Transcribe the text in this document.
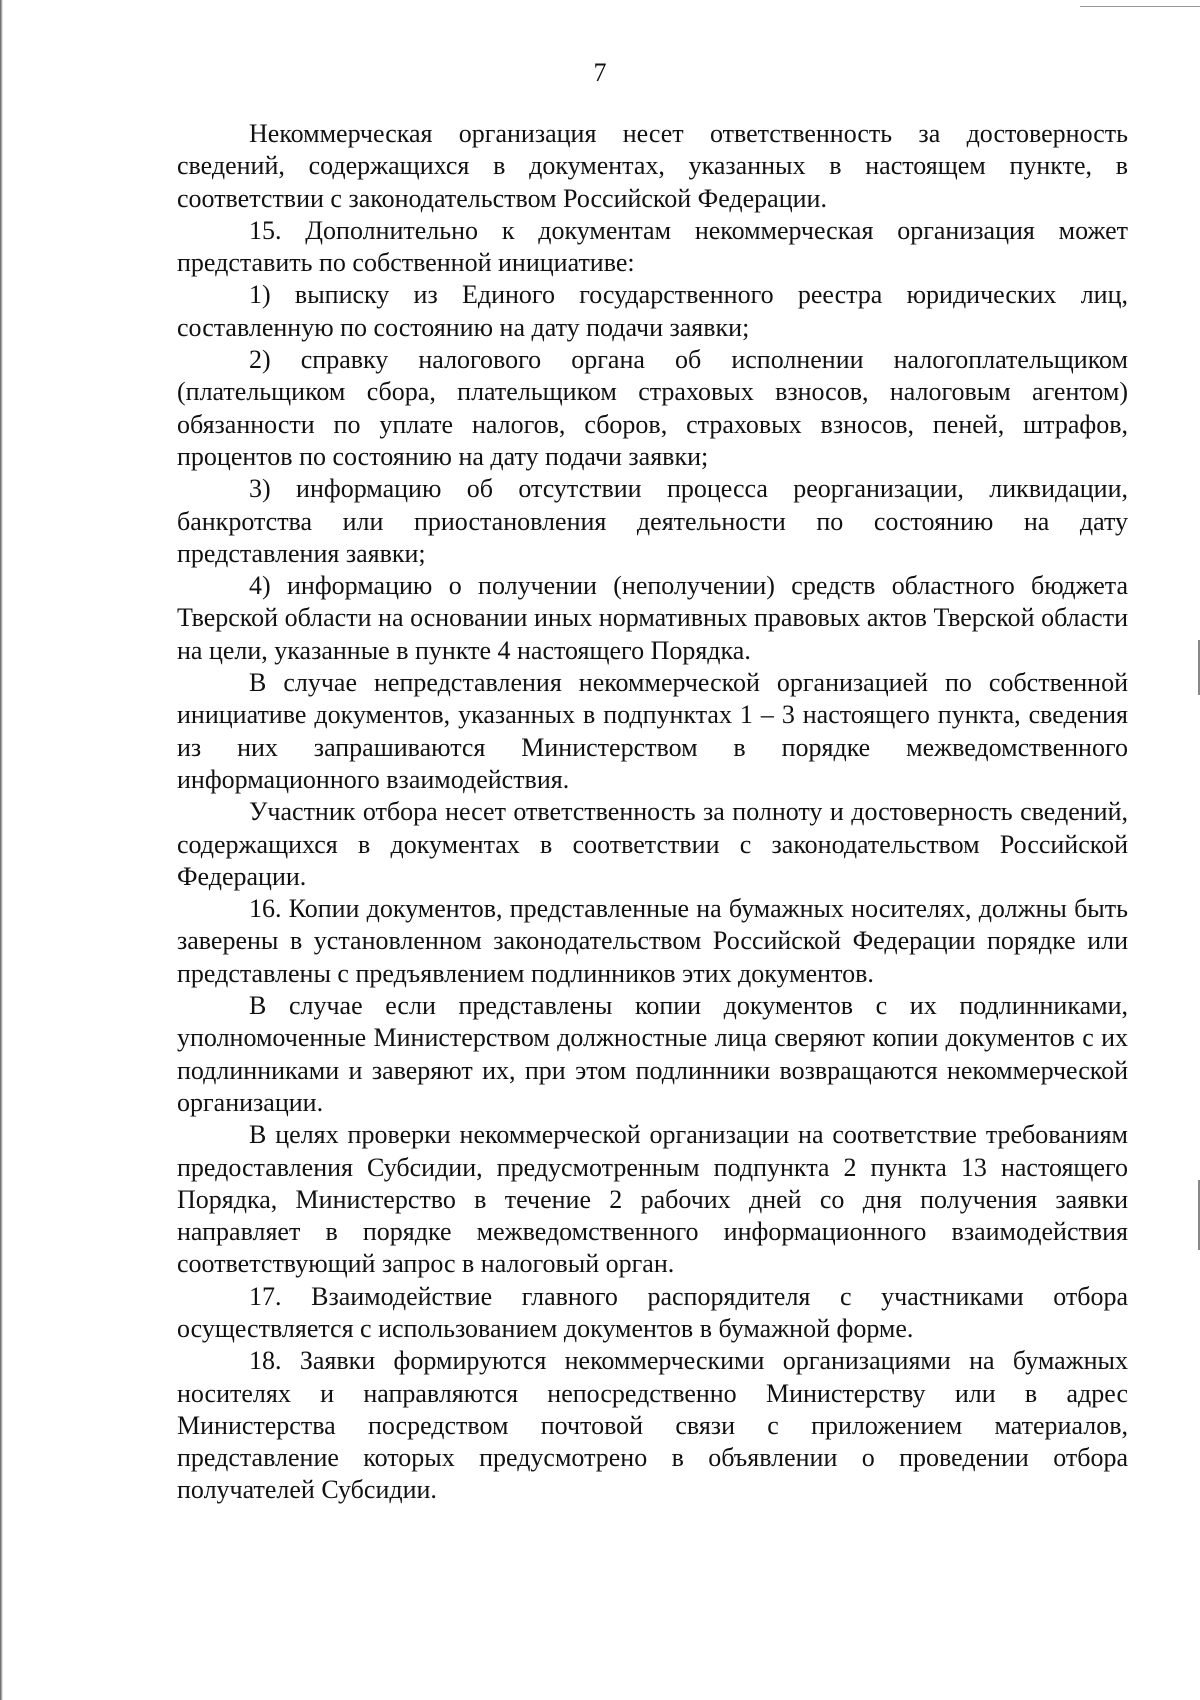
7

Некоммерческая организация несет ответственность за достоверность сведений, содержащихся в документах, указанных в настоящем пункте, в соответствии с законодательством Российской Федерации.

15. Дополнительно к документам некоммерческая организация может представить по собственной инициативе:

1) выписку из Единого государственного реестра юридических лиц, составленную по состоянию на дату подачи заявки;

2) справку налогового органа об исполнении налогоплательщиком (плательщиком сбора, плательщиком страховых взносов, налоговым агентом) обязанности по уплате налогов, сборов, страховых взносов, пеней, штрафов, процентов по состоянию на дату подачи заявки;

3) информацию об отсутствии процесса реорганизации, ликвидации, банкротства или приостановления деятельности по состоянию на дату представления заявки;

4) информацию о получении (неполучении) средств областного бюджета Тверской области на основании иных нормативных правовых актов Тверской области на цели, указанные в пункте 4 настоящего Порядка.

В случае непредставления некоммерческой организацией по собственной инициативе документов, указанных в подпунктах 1 – 3 настоящего пункта, сведения из них запрашиваются Министерством в порядке межведомственного информационного взаимодействия.

Участник отбора несет ответственность за полноту и достоверность сведений, содержащихся в документах в соответствии с законодательством Российской Федерации.

16. Копии документов, представленные на бумажных носителях, должны быть заверены в установленном законодательством Российской Федерации порядке или представлены с предъявлением подлинников этих документов.

В случае если представлены копии документов с их подлинниками, уполномоченные Министерством должностные лица сверяют копии документов с их подлинниками и заверяют их, при этом подлинники возвращаются некоммерческой организации.

В целях проверки некоммерческой организации на соответствие требованиям предоставления Субсидии, предусмотренным подпункта 2 пункта 13 настоящего Порядка, Министерство в течение 2 рабочих дней со дня получения заявки направляет в порядке межведомственного информационного взаимодействия соответствующий запрос в налоговый орган.

17. Взаимодействие главного распорядителя с участниками отбора осуществляется с использованием документов в бумажной форме.

18. Заявки формируются некоммерческими организациями на бумажных носителях и направляются непосредственно Министерству или в адрес Министерства посредством почтовой связи с приложением материалов, представление которых предусмотрено в объявлении о проведении отбора получателей Субсидии.
